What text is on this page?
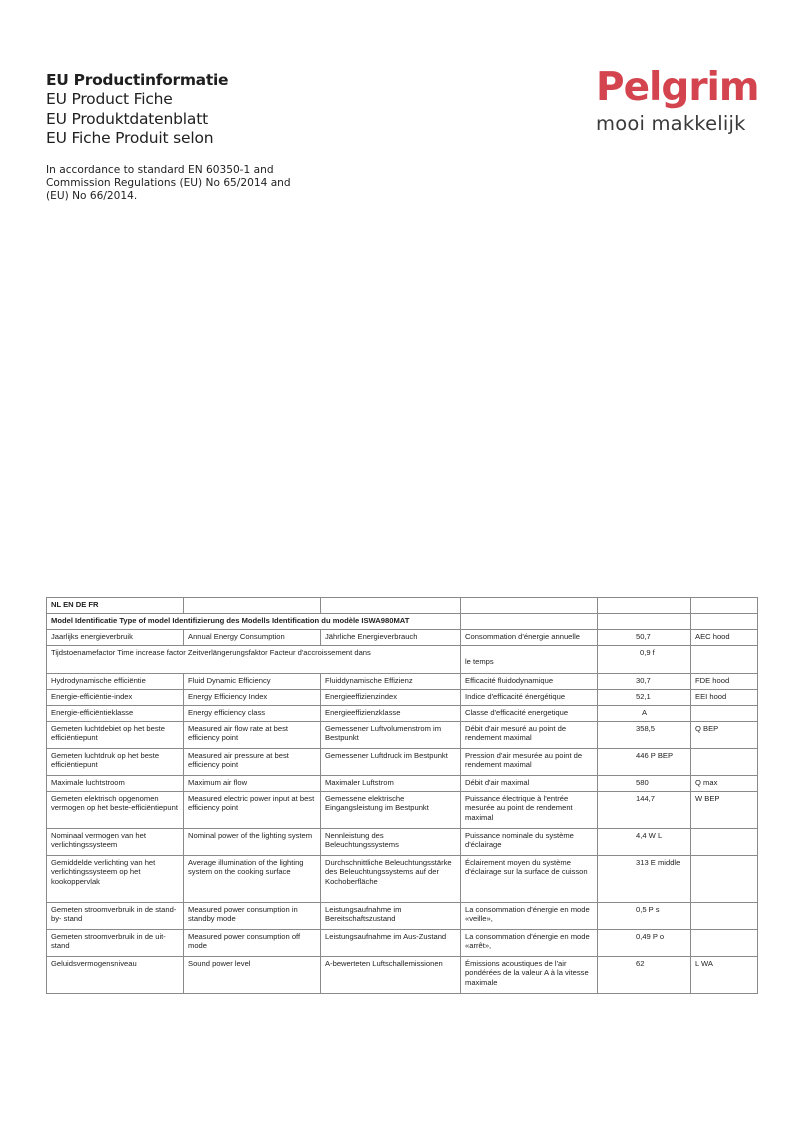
EU Productinformatie
EU Product Fiche
EU Produktdatenblatt
EU Fiche Produit selon
In accordance to standard EN 60350-1 and
Commission Regulations (EU) No 65/2014 and
(EU) No 66/2014.
Pelgrim
mooi makkelijk
NL EN DE FR					
Model Identificatie Type of model Identifizierung des Modells Identification du modèle ISWA980MAT					
Jaarlijks energieverbruik	Annual Energy Consumption	Jährliche Energieverbrauch	Consommation d'énergie annuelle	50,7	AEC hood
Tijdstoenamefactor Time increase factor Zeitverlängerungsfaktor Facteur d'accroissement dans			le temps	0,9 f	
Hydrodynamische efficiëntie	Fluid Dynamic Efficiency	Fluiddynamische Effizienz	Efficacité fluidodynamique	30,7	FDE hood
Energie-efficiëntie-index	Energy Efficiency Index	Energieeffizienzindex	Indice d'efficacité énergétique	52,1	EEI hood
Energie-efficiëntieklasse	Energy efficiency class	Energieeffizienzklasse	Classe d'efficacité energetique	A	
Gemeten luchtdebiet op het beste efficiëntiepunt	Measured air flow rate at best efficiency point	Gemessener Luftvolumenstrom im Bestpunkt	Débit d'air mesuré au point de rendement maximal	358,5	Q BEP
Gemeten luchtdruk op het beste efficiëntiepunt	Measured air pressure at best efficiency point	Gemessener Luftdruck im Bestpunkt	Pression d'air mesurée au point de rendement maximal	446 P BEP	
Maximale luchtstroom	Maximum air flow	Maximaler Luftstrom	Débit d'air maximal	580	Q max
Gemeten elektrisch opgenomen vermogen op het beste-efficiëntiepunt	Measured electric power input at best efficiency point	Gemessene elektrische Eingangsleistung im Bestpunkt	Puissance électrique à l'entrée mesurée au point de rendement maximal	144,7	W BEP
Nominaal vermogen van het verlichtingssysteem	Nominal power of the lighting system	Nennleistung des Beleuchtungssystems	Puissance nominale du système d'éclairage	4,4 W L	
Gemiddelde verlichting van het verlichtingssysteem op het kookoppervlak	Average illumination of the lighting system on the cooking surface	Durchschnittliche Beleuchtungsstärke des Beleuchtungssystems auf der Kochoberfläche	Éclairement moyen du système d'éclairage sur la surface de cuisson	313 E middle	
Gemeten stroomverbruik in de stand-by- stand	Measured power consumption in standby mode	Leistungsaufnahme im Bereitschaftszustand	La consommation d'énergie en mode «veille»,	0,5 P s	
Gemeten stroomverbruik in de uit-stand	Measured power consumption off mode	Leistungsaufnahme im Aus-Zustand	La consommation d'énergie en mode «arrêt»,	0,49 P o	
Geluidsvermogensniveau	Sound power level	A-bewerteten Luftschallemissionen	Émissions acoustiques de l'air pondérées de la valeur A à la vitesse maximale	62	L WA
